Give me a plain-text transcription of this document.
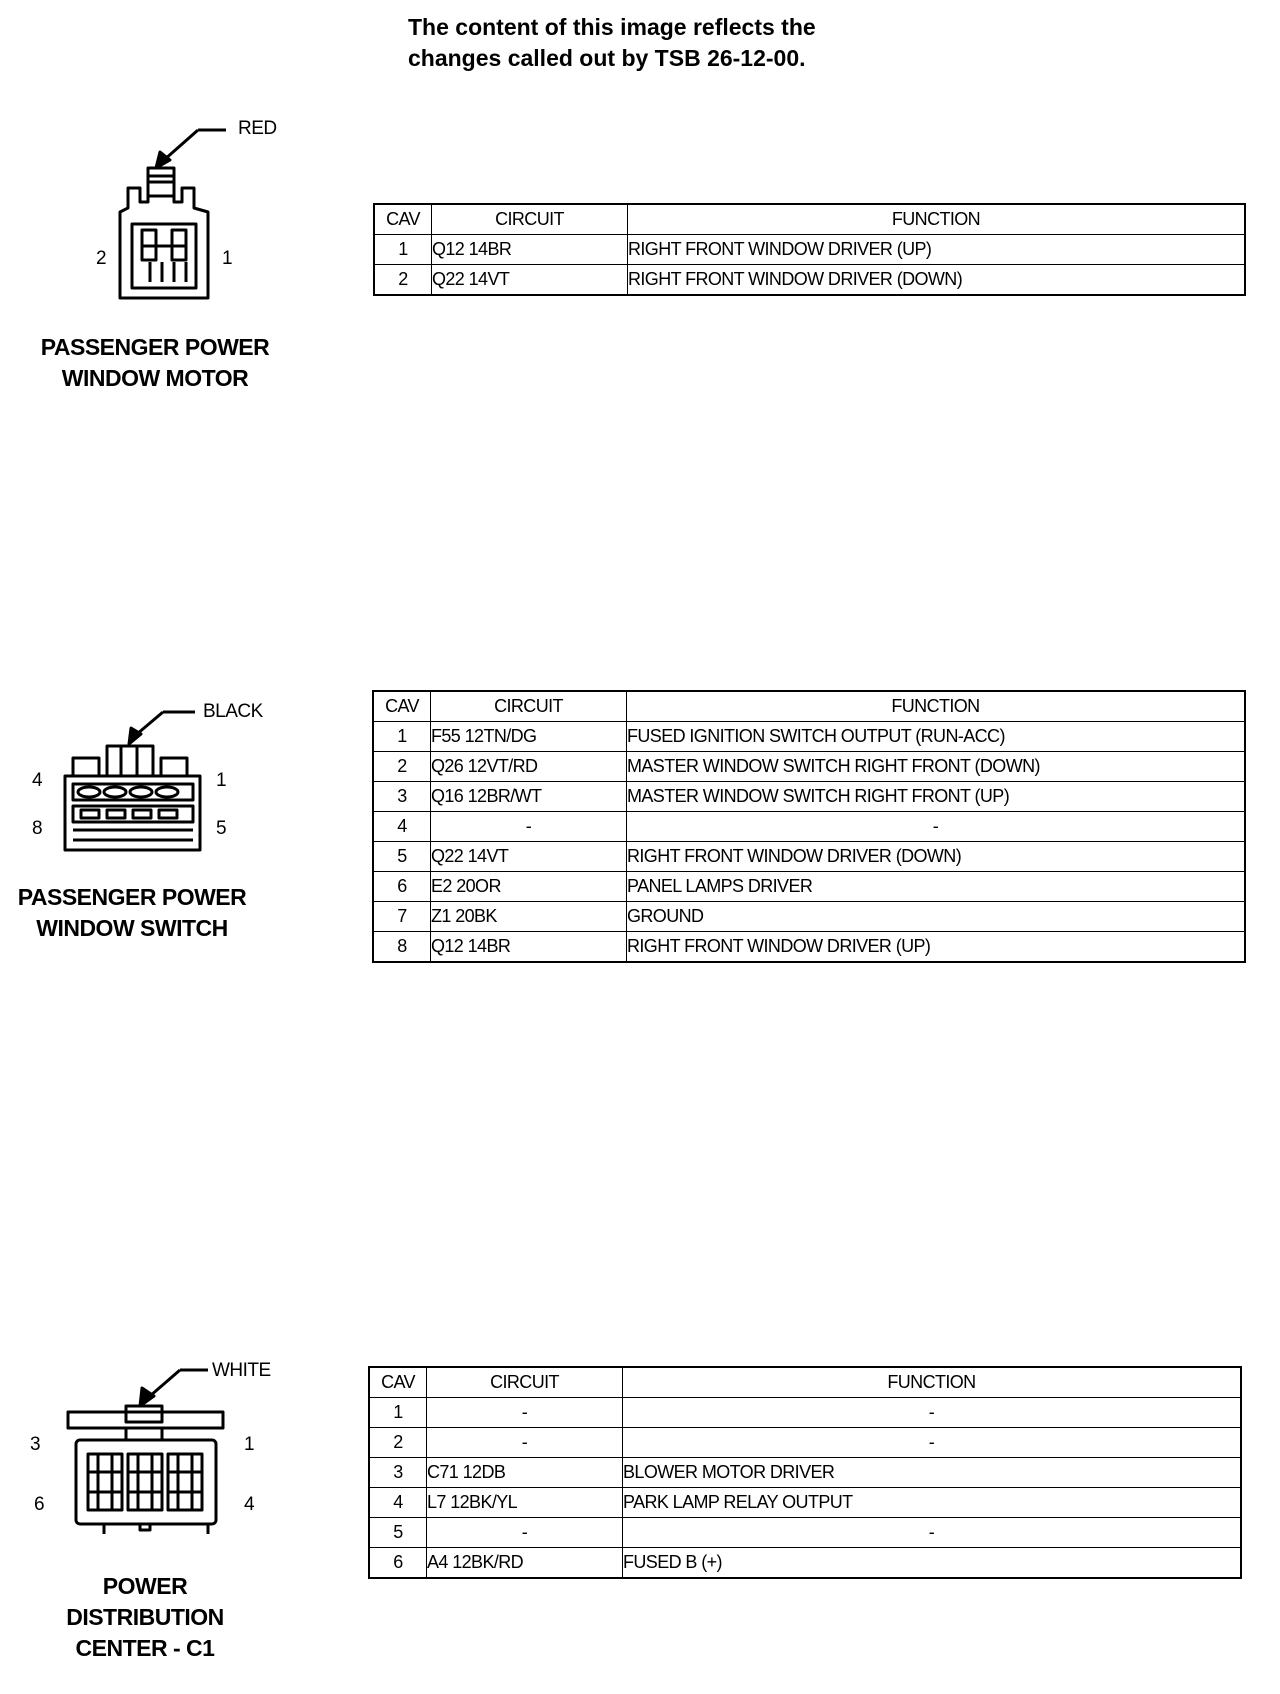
The content of this image reflects the
changes called out by TSB 26-12-00.
RED
2	1
PASSENGER POWER
WINDOW MOTOR
CAV	CIRCUIT	FUNCTION
1	Q12 14BR	RIGHT FRONT WINDOW DRIVER (UP)
2	Q22 14VT	RIGHT FRONT WINDOW DRIVER (DOWN)
BLACK
4	1
8	5
PASSENGER POWER
WINDOW SWITCH
CAV	CIRCUIT	FUNCTION
1	F55 12TN/DG	FUSED IGNITION SWITCH OUTPUT (RUN-ACC)
2	Q26 12VT/RD	MASTER WINDOW SWITCH RIGHT FRONT (DOWN)
3	Q16 12BR/WT	MASTER WINDOW SWITCH RIGHT FRONT (UP)
4	-	-
5	Q22 14VT	RIGHT FRONT WINDOW DRIVER (DOWN)
6	E2 20OR	PANEL LAMPS DRIVER
7	Z1 20BK	GROUND
8	Q12 14BR	RIGHT FRONT WINDOW DRIVER (UP)
WHITE
3	1
6	4
POWER
DISTRIBUTION
CENTER - C1
CAV	CIRCUIT	FUNCTION
1	-	-
2	-	-
3	C71 12DB	BLOWER MOTOR DRIVER
4	L7 12BK/YL	PARK LAMP RELAY OUTPUT
5	-	-
6	A4 12BK/RD	FUSED B (+)
